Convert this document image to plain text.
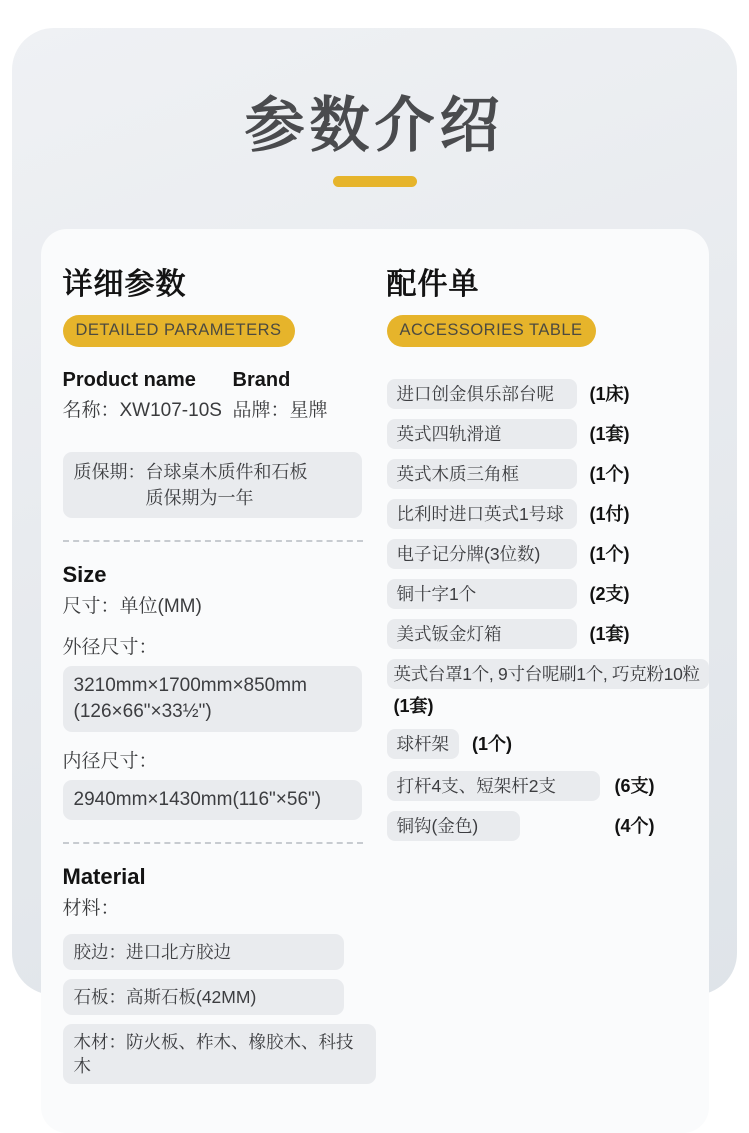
参数介绍
详细参数
DETAILED PARAMETERS
Product name	Brand
名称：XW107-10S 品牌：星牌
质保期：台球桌木质件和石板
质保期为一年
Size
尺寸：单位(MM)
外径尺寸：
3210mm×1700mm×850mm
(126×66"×33½")
内径尺寸：
2940mm×1430mm(116"×56")
Material
材料：
胶边：进口北方胶边
石板：高斯石板(42MM)
木材：防火板、柞木、橡胶木、科技木
配件单
ACCESSORIES TABLE
进口创金俱乐部台呢	(1床)
英式四轨滑道	(1套)
英式木质三角框	(1个)
比利时进口英式1号球	(1付)
电子记分牌(3位数)	(1个)
铜十字1个	(2支)
美式钣金灯箱	(1套)
英式台罩1个, 9寸台呢刷1个, 巧克粉10粒
(1套)
球杆架	(1个)
打杆4支、短架杆2支	(6支)
铜钩(金色)	(4个)
